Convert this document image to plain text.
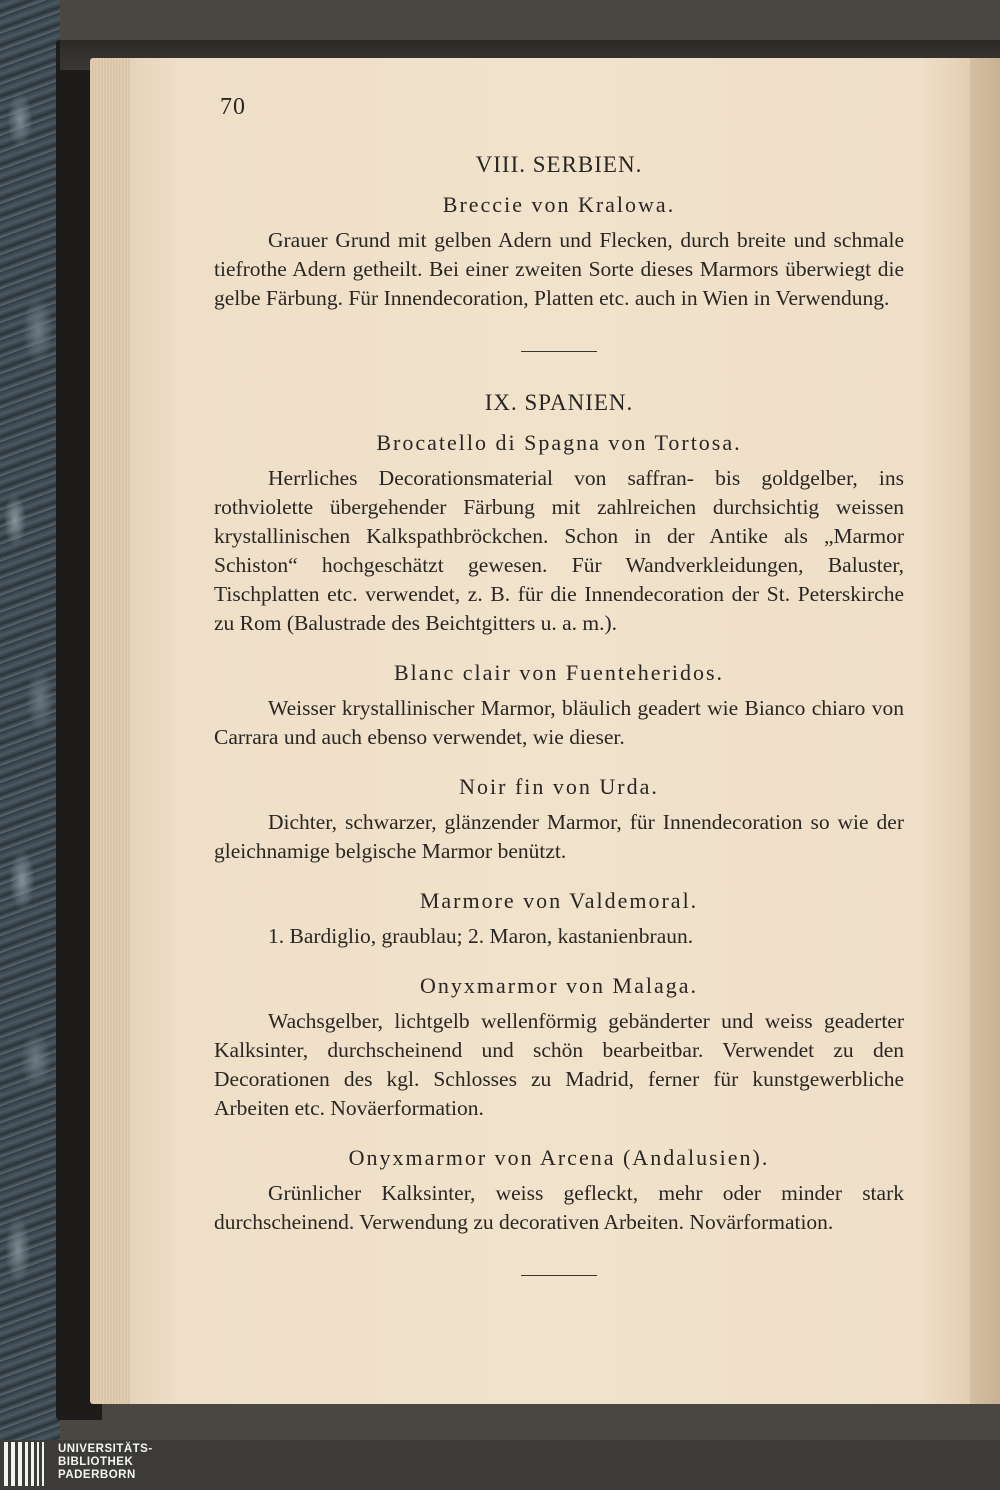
70
VIII. SERBIEN.
Breccie von Kralowa.

Grauer Grund mit gelben Adern und Flecken, durch breite und schmale tiefrothe Adern getheilt. Bei einer zweiten Sorte dieses Marmors überwiegt die gelbe Färbung. Für Innendecoration, Platten etc. auch in Wien in Verwendung.

IX. SPANIEN.
Brocatello di Spagna von Tortosa.

Herrliches Decorationsmaterial von saffran- bis goldgelber, ins rothviolette übergehender Färbung mit zahlreichen durchsichtig weissen krystallinischen Kalkspathbröckchen. Schon in der Antike als „Marmor Schiston“ hochgeschätzt gewesen. Für Wandverkleidungen, Baluster, Tischplatten etc. verwendet, z. B. für die Innendecoration der St. Peterskirche zu Rom (Balustrade des Beichtgitters u. a. m.).

Blanc clair von Fuenteheridos.

Weisser krystallinischer Marmor, bläulich geadert wie Bianco chiaro von Carrara und auch ebenso verwendet, wie dieser.

Noir fin von Urda.

Dichter, schwarzer, glänzender Marmor, für Innendecoration so wie der gleichnamige belgische Marmor benützt.

Marmore von Valdemoral.

1. Bardiglio, graublau; 2. Maron, kastanienbraun.

Onyxmarmor von Malaga.

Wachsgelber, lichtgelb wellenförmig gebänderter und weiss geaderter Kalksinter, durchscheinend und schön bearbeitbar. Verwendet zu den Decorationen des kgl. Schlosses zu Madrid, ferner für kunstgewerbliche Arbeiten etc. Noväerformation.

Onyxmarmor von Arcena (Andalusien).

Grünlicher Kalksinter, weiss gefleckt, mehr oder minder stark durchscheinend. Verwendung zu decorativen Arbeiten. Novärformation.

UNIVERSITÄTS-
BIBLIOTHEK
PADERBORN
